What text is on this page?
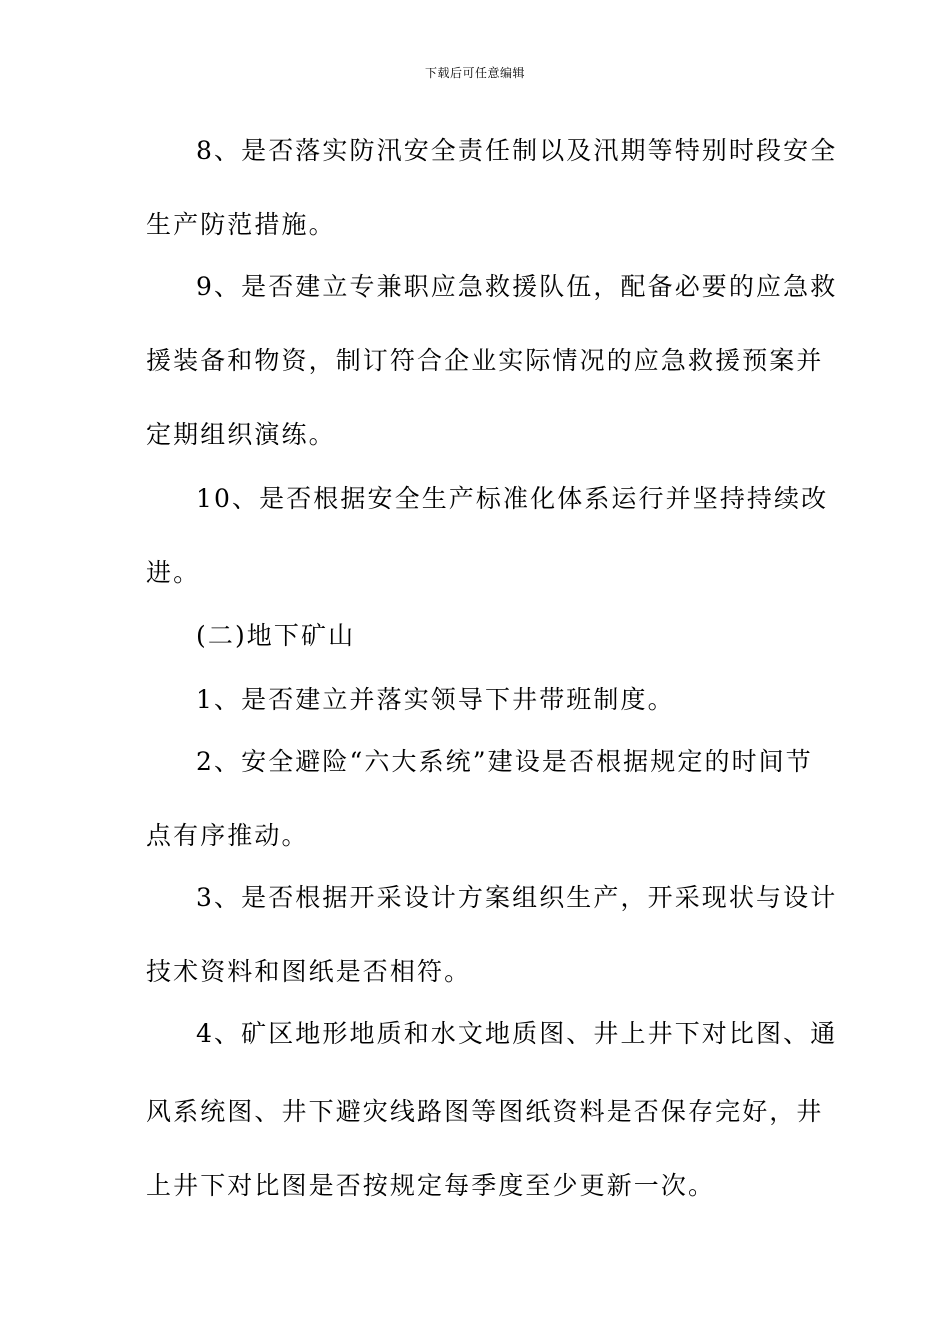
下载后可任意编辑
8、是否落实防汛安全责任制以及汛期等特别时段安全
生产防范措施。
9、是否建立专兼职应急救援队伍，配备必要的应急救
援装备和物资，制订符合企业实际情况的应急救援预案并
定期组织演练。
10、是否根据安全生产标准化体系运行并坚持持续改
进。
(二)地下矿山
1、是否建立并落实领导下井带班制度。
2、安全避险“六大系统”建设是否根据规定的时间节
点有序推动。
3、是否根据开采设计方案组织生产，开采现状与设计
技术资料和图纸是否相符。
4、矿区地形地质和水文地质图、井上井下对比图、通
风系统图、井下避灾线路图等图纸资料是否保存完好，井
上井下对比图是否按规定每季度至少更新一次。
